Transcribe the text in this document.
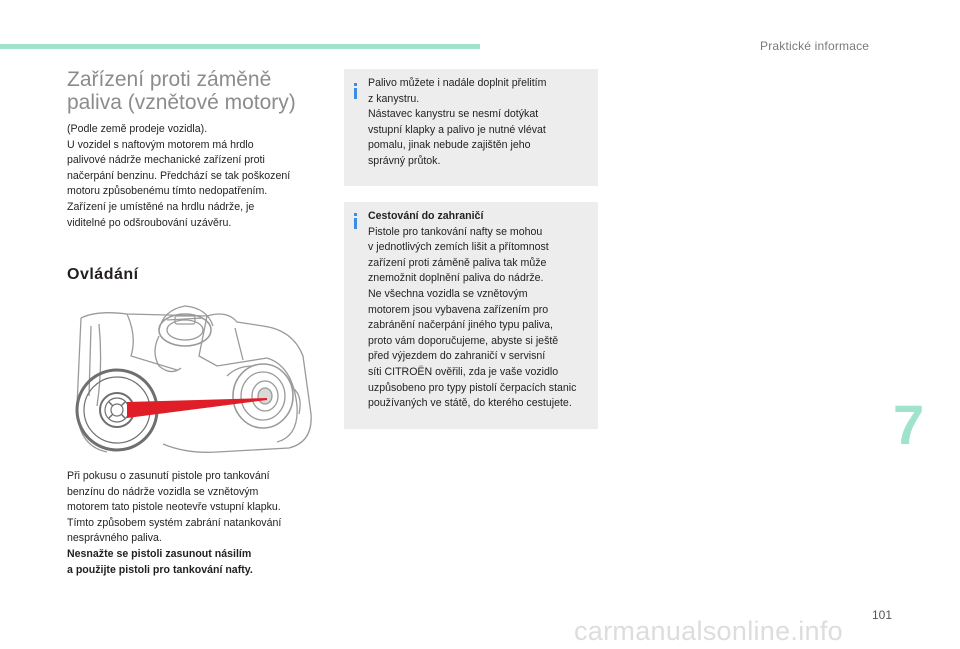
Praktické informace

Zařízení proti záměně
paliva (vznětové motory)

(Podle země prodeje vozidla).
U vozidel s naftovým motorem má hrdlo
palivové nádrže mechanické zařízení proti
načerpání benzinu. Předchází se tak poškození
motoru způsobenému tímto nedopatřením.
Zařízení je umístěné na hrdlu nádrže, je
viditelné po odšroubování uzávěru.

Ovládání

Při pokusu o zasunutí pistole pro tankování
benzínu do nádrže vozidla se vznětovým
motorem tato pistole neotevře vstupní klapku.
Tímto způsobem systém zabrání natankování
nesprávného paliva.
Nesnažte se pistoli zasunout násilím
a použijte pistoli pro tankování nafty.

Palivo můžete i nadále doplnit přelitím
z kanystru.
Nástavec kanystru se nesmí dotýkat
vstupní klapky a palivo je nutné vlévat
pomalu, jinak nebude zajištěn jeho
správný průtok.

Cestování do zahraničí

Pistole pro tankování nafty se mohou
v jednotlivých zemích lišit a přítomnost
zařízení proti záměně paliva tak může
znemožnit doplnění paliva do nádrže.
Ne všechna vozidla se vznětovým
motorem jsou vybavena zařízením pro
zabránění načerpání jiného typu paliva,
proto vám doporučujeme, abyste si ještě
před výjezdem do zahraničí v servisní
síti CITROËN ověřili, zda je vaše vozidlo
uzpůsobeno pro typy pistolí čerpacích stanic
používaných ve státě, do kterého cestujete.	7
101
carmanualsonline.info
